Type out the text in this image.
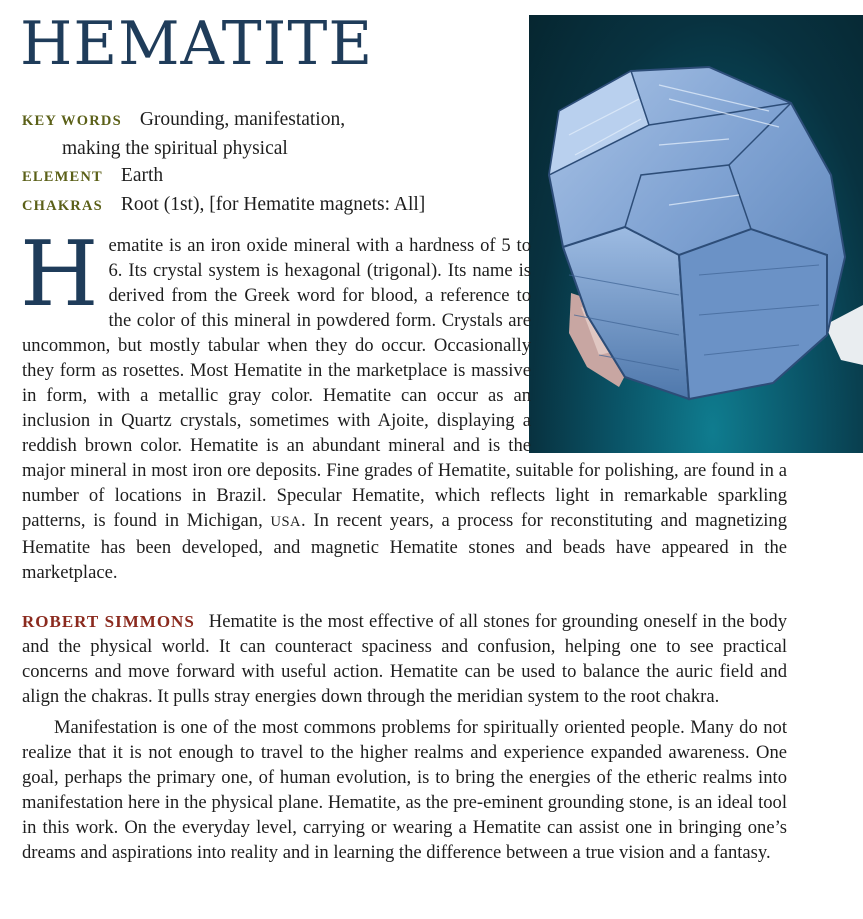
HEMATITE
KEY WORDS Grounding, manifestation,
making the spiritual physical
ELEMENT Earth
CHAKRAS Root (1st), [for Hematite magnets: All]

Hematite is an iron oxide mineral with a hardness of 5 to 6. Its crystal system is hexagonal (trigonal). Its name is derived from the Greek word for blood, a reference to the color of this mineral in powdered form. Crystals are uncommon, but mostly tabular when they do occur. Occasionally they form as rosettes. Most Hematite in the marketplace is massive in form, with a metallic gray color. Hematite can occur as an inclusion in Quartz crystals, sometimes with Ajoite, displaying a reddish brown color. Hematite is an abundant mineral and is the major mineral in most iron ore deposits. Fine grades of Hematite, suitable for polishing, are found in a number of locations in Brazil. Specular Hematite, which reflects light in remarkable sparkling patterns, is found in Michigan, USA. In recent years, a process for reconstituting and magnetizing Hematite has been developed, and magnetic Hematite stones and beads have appeared in the marketplace.

ROBERT SIMMONS Hematite is the most effective of all stones for grounding oneself in the body and the physical world. It can counteract spaciness and confusion, helping one to see practical concerns and move forward with useful action. Hematite can be used to balance the auric field and align the chakras. It pulls stray energies down through the meridian system to the root chakra.

Manifestation is one of the most commons problems for spiritually oriented people. Many do not realize that it is not enough to travel to the higher realms and experience expanded awareness. One goal, perhaps the primary one, of human evolution, is to bring the energies of the etheric realms into manifestation here in the physical plane. Hematite, as the pre-eminent grounding stone, is an ideal tool in this work. On the everyday level, carrying or wearing a Hematite can assist one in bringing one’s dreams and aspirations into reality and in learning the difference between a true vision and a fantasy.
